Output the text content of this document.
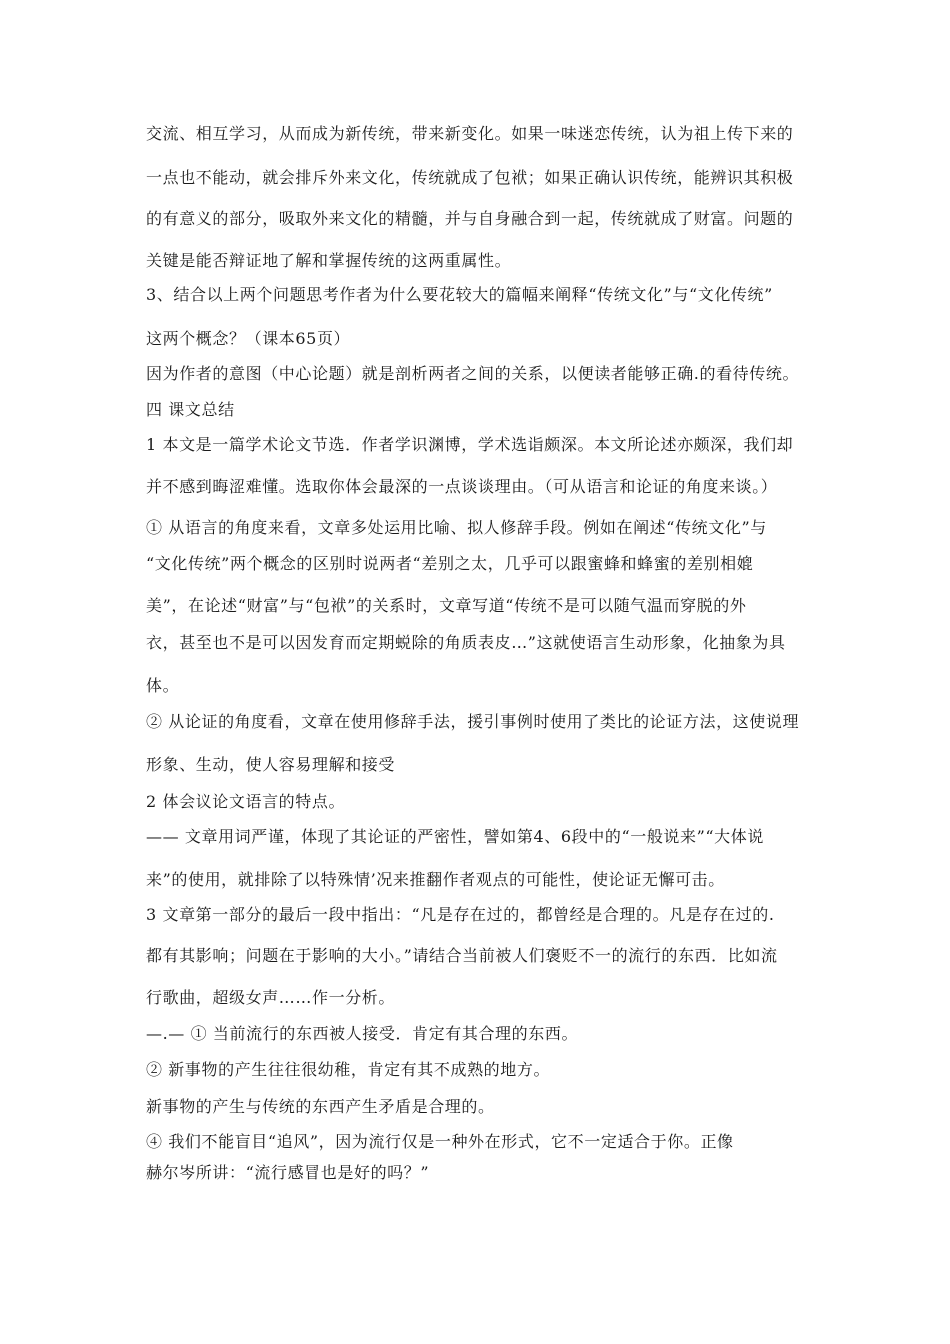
交流、相互学习，从而成为新传统，带来新变化。如果一味迷恋传统，认为祖上传下来的
一点也不能动，就会排斥外来文化，传统就成了包袱；如果正确认识传统，能辨识其积极
的有意义的部分，吸取外来文化的精髓，并与自身融合到一起，传统就成了财富。问题的
关键是能否辩证地了解和掌握传统的这两重属性。
3、结合以上两个问题思考作者为什么要花较大的篇幅来阐释“传统文化”与“文化传统”
这两个概念？（课本65页）
因为作者的意图（中心论题）就是剖析两者之间的关系，以便读者能够正确.的看待传统。
四 课文总结
1 本文是一篇学术论文节选．作者学识渊博，学术选诣颇深。本文所论述亦颇深，我们却
并不感到晦涩难懂。选取你体会最深的一点谈谈理由。（可从语言和论证的角度来谈。）
① 从语言的角度来看，文章多处运用比喻、拟人修辞手段。例如在阐述“传统文化”与
“文化传统”两个概念的区别时说两者“差别之太，几乎可以跟蜜蜂和蜂蜜的差别相媲
美”，在论述“财富”与“包袱”的关系时，文章写道“传统不是可以随气温而穿脱的外
衣，甚至也不是可以因发育而定期蜕除的角质表皮…”这就使语言生动形象，化抽象为具
体。
② 从论证的角度看，文章在使用修辞手法，援引事例时使用了类比的论证方法，这使说理
形象、生动，使人容易理解和接受
2 体会议论文语言的特点。
—— 文章用词严谨，体现了其论证的严密性，譬如第4、6段中的“一般说来”“大体说
来”的使用，就排除了以特殊情’况来推翻作者观点的可能性，使论证无懈可击。
3 文章第一部分的最后一段中指出：“凡是存在过的，都曾经是合理的。凡是存在过的.
都有其影响；问题在于影响的大小。”请结合当前被人们褒贬不一的流行的东西．比如流
行歌曲，超级女声……作一分析。
—.— ① 当前流行的东西被人接受．肯定有其合理的东西。
② 新事物的产生往往很幼稚，肯定有其不成熟的地方。
新事物的产生与传统的东西产生矛盾是合理的。
④ 我们不能盲目“追风”，因为流行仅是一种外在形式，它不一定适合于你。正像
赫尔岑所讲：“流行感冒也是好的吗？”
